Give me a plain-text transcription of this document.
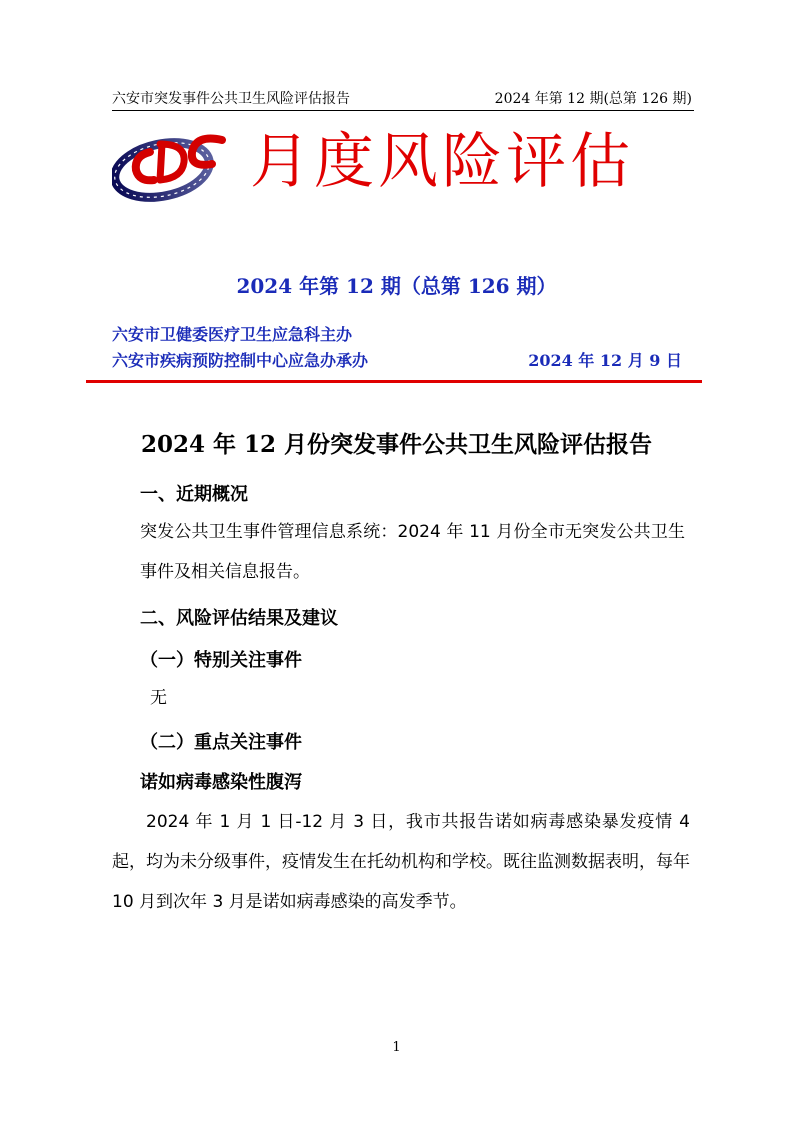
六安市突发事件公共卫生风险评估报告	2024 年第 12 期(总第 126 期)
月度风险评估
2024 年第 12 期（总第 126 期）
六安市卫健委医疗卫生应急科主办
六安市疾病预防控制中心应急办承办	2024 年 12 月 9 日
2024 年 12 月份突发事件公共卫生风险评估报告
一、近期概况
突发公共卫生事件管理信息系统：2024 年 11 月份全市无突发公共卫生事件及相关信息报告。
二、风险评估结果及建议
（一）特别关注事件
无
（二）重点关注事件
诺如病毒感染性腹泻
2024 年 1 月 1 日-12 月 3 日，我市共报告诺如病毒感染暴发疫情 4 起，均为未分级事件，疫情发生在托幼机构和学校。既往监测数据表明，每年 10 月到次年 3 月是诺如病毒感染的高发季节。
1
